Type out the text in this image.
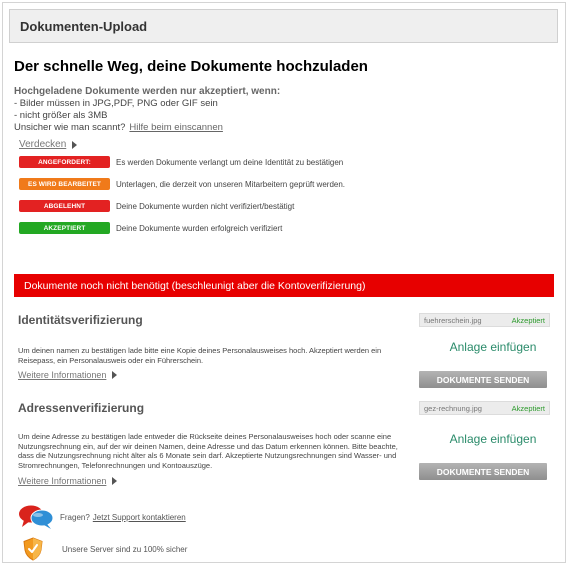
Dokumenten-Upload
Der schnelle Weg, deine Dokumente hochzuladen
Hochgeladene Dokumente werden nur akzeptiert, wenn:
- Bilder müssen in JPG,PDF, PNG oder GIF sein
- nicht größer als 3MB
Unsicher wie man scannt? Hilfe beim einscannen
Verdecken
ANGEFORDERT:	Es werden Dokumente verlangt um deine Identität zu bestätigen
ES WIRD BEARBEITET	Unterlagen, die derzeit von unseren Mitarbeitern geprüft werden.
ABGELEHNT	Deine Dokumente wurden nicht verifiziert/bestätigt
AKZEPTIERT	Deine Dokumente wurden erfolgreich verifiziert
Dokumente noch nicht benötigt (beschleunigt aber die Kontoverifizierung)
Identitätsverifizierung
Um deinen namen zu bestätigen lade bitte eine Kopie deines Personalausweises hoch. Akzeptiert werden ein Reisepass, ein Personalausweis oder ein Führerschein.
Weitere Informationen
fuehrerschein.jpg	Akzeptiert
Anlage einfügen
DOKUMENTE SENDEN
Adressenverifizierung
Um deine Adresse zu bestätigen lade entweder die Rückseite deines Personalausweises hoch oder scanne eine Nutzungsrechnung ein, auf der wir deinen Namen, deine Adresse und das Datum erkennen können. Bitte beachte, dass die Nutzungsrechnung nicht älter als 6 Monate sein darf. Akzeptierte Nutzungsrechnungen sind Wasser- und Stromrechnungen, Telefonrechnungen und Kontoauszüge.
Weitere Informationen
gez-rechnung.jpg	Akzeptiert
Anlage einfügen
DOKUMENTE SENDEN
Fragen? Jetzt Support kontaktieren
Unsere Server sind zu 100% sicher
